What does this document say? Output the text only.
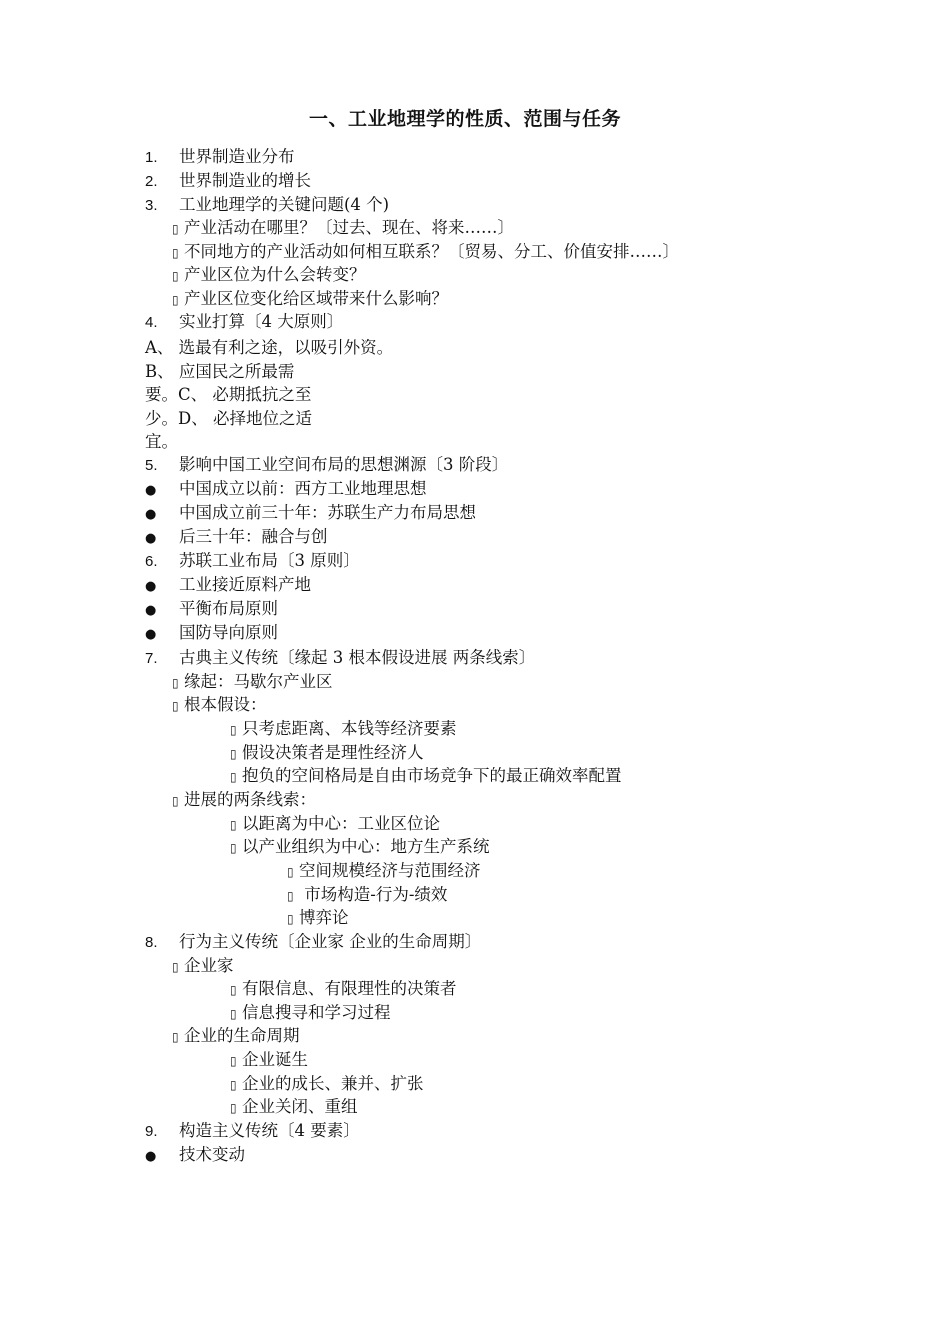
一、工业地理学的性质、范围与任务
1. 世界制造业分布
2. 世界制造业的增长
3. 工业地理学的关键问题(4 个)
▯ 产业活动在哪里？〔过去、现在、将来……〕
▯ 不同地方的产业活动如何相互联系？〔贸易、分工、价值安排……〕
▯ 产业区位为什么会转变？
▯ 产业区位变化给区域带来什么影响？
4. 实业打算〔4 大原则〕
A、 选最有利之途，以吸引外资。
B、 应国民之所最需
要。C、 必期抵抗之至
少。D、 必择地位之适
宜。
5. 影响中国工业空间布局的思想渊源〔3 阶段〕
● 中国成立以前：西方工业地理思想
● 中国成立前三十年：苏联生产力布局思想
● 后三十年：融合与创
6. 苏联工业布局〔3 原则〕
● 工业接近原料产地
● 平衡布局原则
● 国防导向原则
7. 古典主义传统〔缘起 3 根本假设进展 两条线索〕
▯ 缘起：马歇尔产业区
▯ 根本假设：
▯ 只考虑距离、本钱等经济要素
▯ 假设决策者是理性经济人
▯ 抱负的空间格局是自由市场竞争下的最正确效率配置
▯ 进展的两条线索：
▯ 以距离为中心：工业区位论
▯ 以产业组织为中心：地方生产系统
▯ 空间规模经济与范围经济
▯ 市场构造-行为-绩效
▯ 博弈论
8. 行为主义传统〔企业家 企业的生命周期〕
▯ 企业家
▯ 有限信息、有限理性的决策者
▯ 信息搜寻和学习过程
▯ 企业的生命周期
▯ 企业诞生
▯ 企业的成长、兼并、扩张
▯ 企业关闭、重组
9. 构造主义传统〔4 要素〕
● 技术变动
